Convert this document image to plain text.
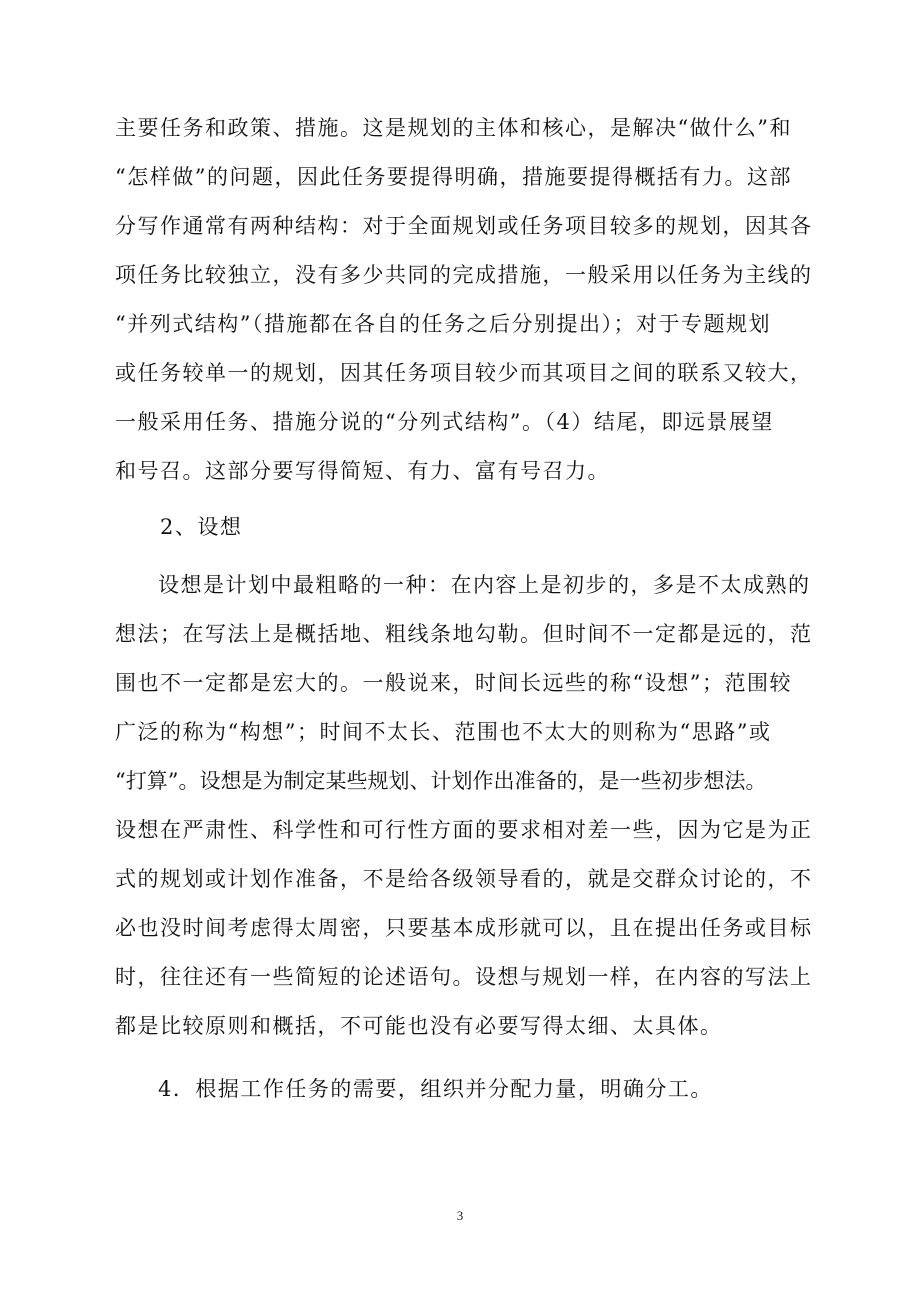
主要任务和政策、措施。这是规划的主体和核心，是解决“做什么”和

“怎样做”的问题，因此任务要提得明确，措施要提得概括有力。这部

分写作通常有两种结构：对于全面规划或任务项目较多的规划，因其各

项任务比较独立，没有多少共同的完成措施，一般采用以任务为主线的

“并列式结构”（措施都在各自的任务之后分别提出）；对于专题规划

或任务较单一的规划，因其任务项目较少而其项目之间的联系又较大，

一般采用任务、措施分说的“分列式结构”。（4）结尾，即远景展望

和号召。这部分要写得简短、有力、富有号召力。

2、设想

设想是计划中最粗略的一种：在内容上是初步的，多是不太成熟的

想法；在写法上是概括地、粗线条地勾勒。但时间不一定都是远的，范

围也不一定都是宏大的。一般说来，时间长远些的称“设想”；范围较

广泛的称为“构想”；时间不太长、范围也不太大的则称为“思路”或

“打算”。设想是为制定某些规划、计划作出准备的，是一些初步想法。

设想在严肃性、科学性和可行性方面的要求相对差一些，因为它是为正

式的规划或计划作准备，不是给各级领导看的，就是交群众讨论的，不

必也没时间考虑得太周密，只要基本成形就可以，且在提出任务或目标

时，往往还有一些简短的论述语句。设想与规划一样，在内容的写法上

都是比较原则和概括，不可能也没有必要写得太细、太具体。

4．根据工作任务的需要，组织并分配力量，明确分工。

3
